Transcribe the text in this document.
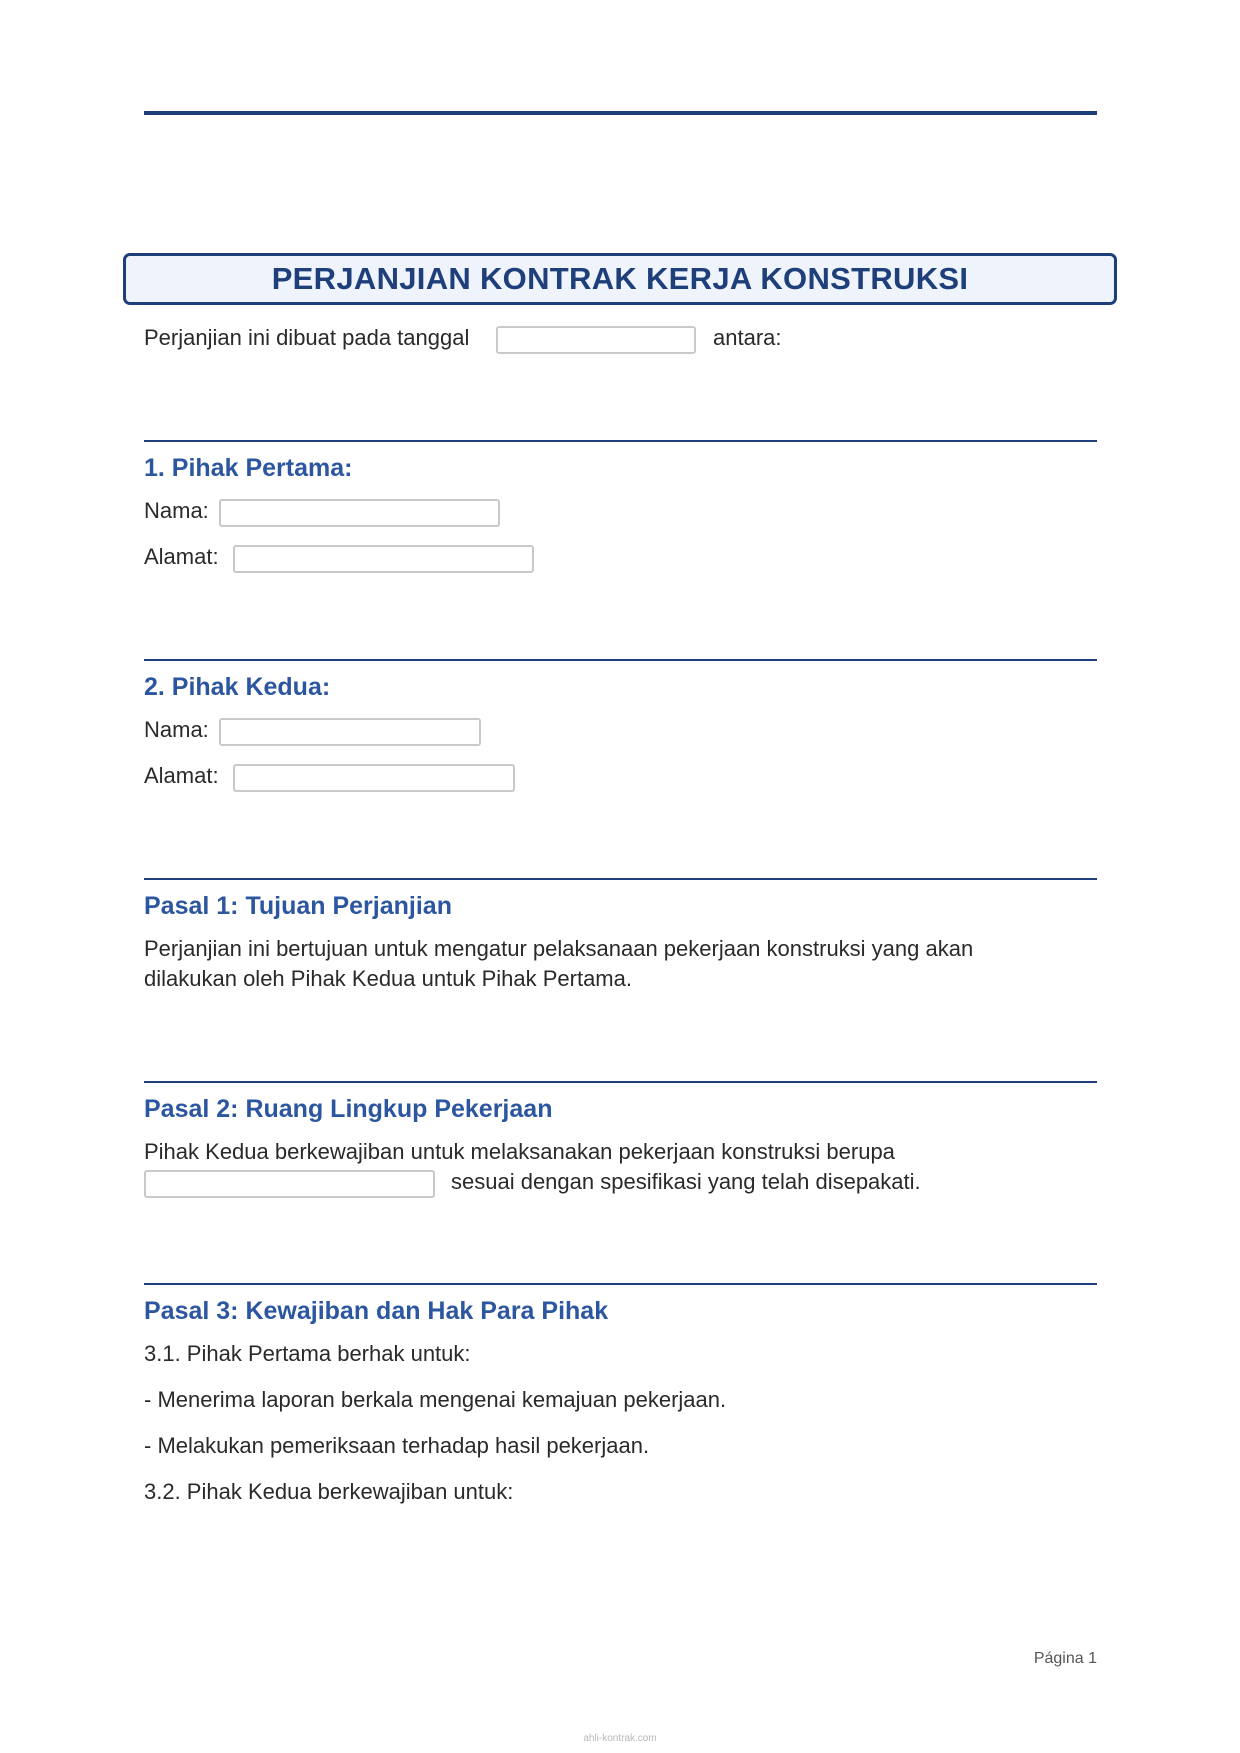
PERJANJIAN KONTRAK KERJA KONSTRUKSI
Perjanjian ini dibuat pada tanggal	antara:
1. Pihak Pertama:
Nama:
Alamat:
2. Pihak Kedua:
Nama:
Alamat:
Pasal 1: Tujuan Perjanjian
Perjanjian ini bertujuan untuk mengatur pelaksanaan pekerjaan konstruksi yang akan
dilakukan oleh Pihak Kedua untuk Pihak Pertama.
Pasal 2: Ruang Lingkup Pekerjaan
Pihak Kedua berkewajiban untuk melaksanakan pekerjaan konstruksi berupa
sesuai dengan spesifikasi yang telah disepakati.
Pasal 3: Kewajiban dan Hak Para Pihak
3.1. Pihak Pertama berhak untuk:
- Menerima laporan berkala mengenai kemajuan pekerjaan.
- Melakukan pemeriksaan terhadap hasil pekerjaan.
3.2. Pihak Kedua berkewajiban untuk:
Página 1
ahli-kontrak.com
